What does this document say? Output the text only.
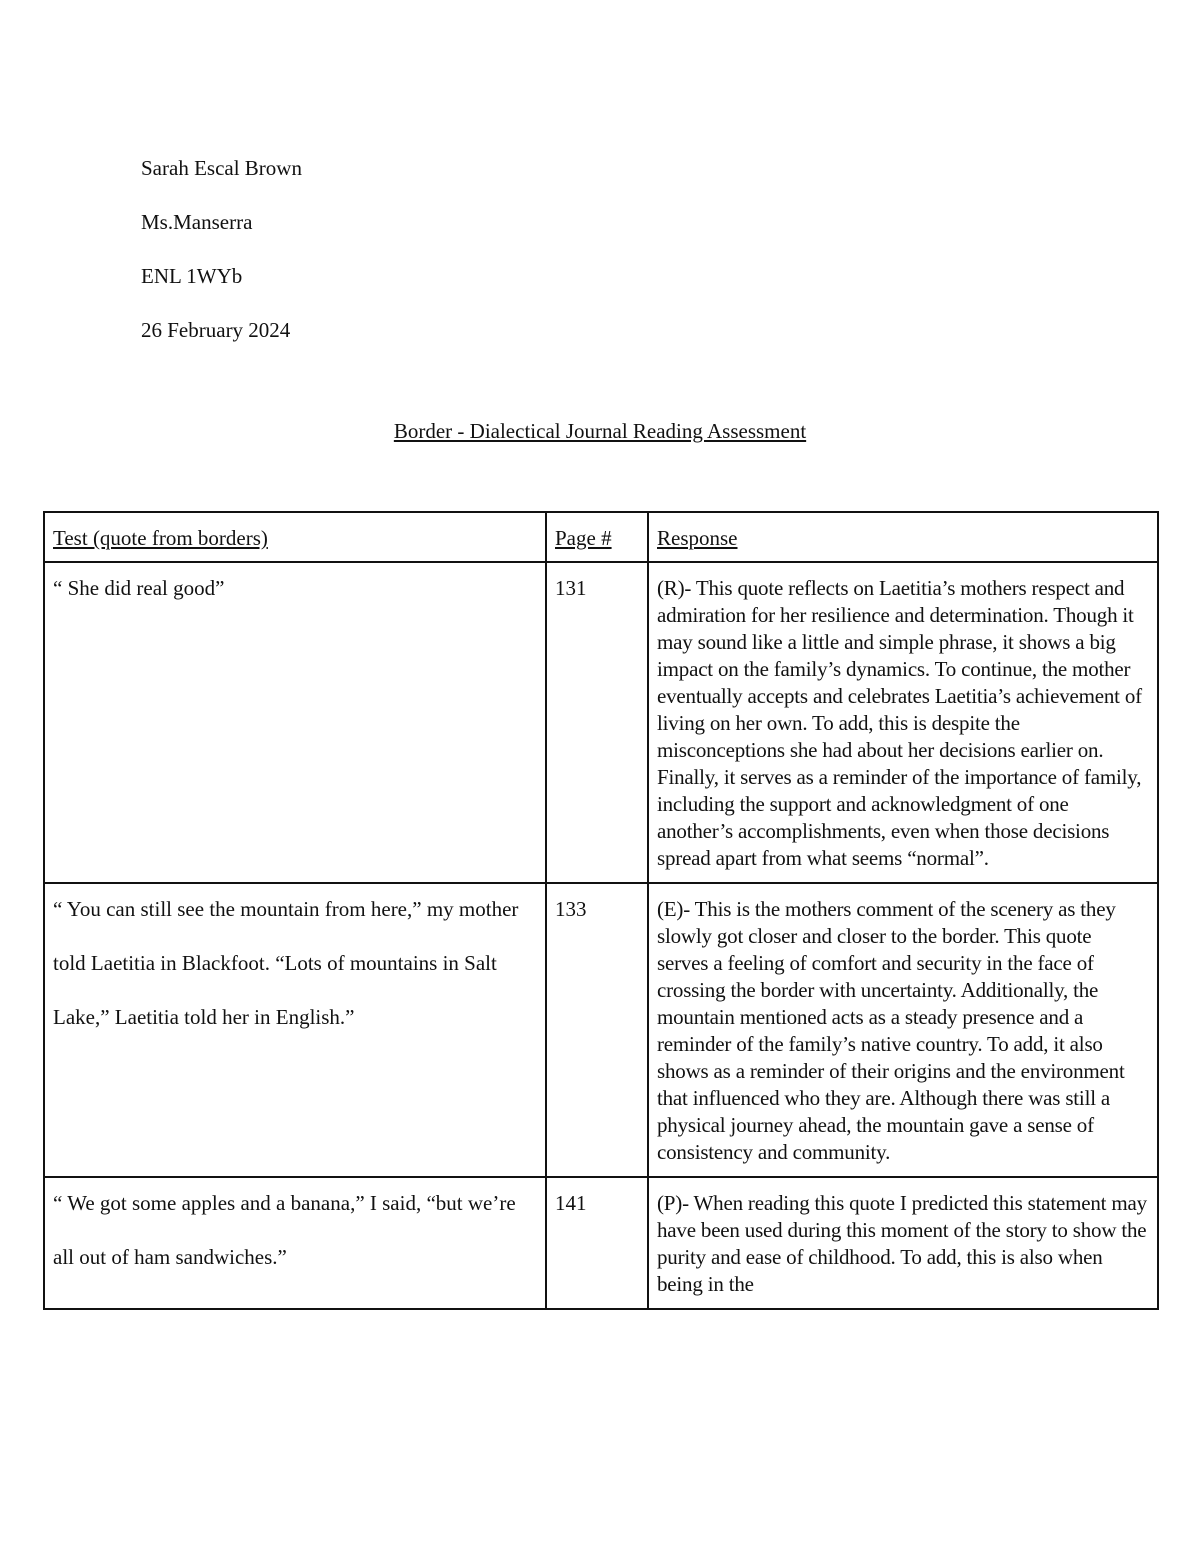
Sarah Escal Brown
Ms.Manserra
ENL 1WYb
26 February 2024
Border - Dialectical Journal Reading Assessment
Test (quote from borders)	Page #	Response

“ She did real good”	131	(R)- This quote reflects on Laetitia’s mothers respect and admiration for her resilience and determination. Though it may sound like a little and simple phrase, it shows a big impact on the family’s dynamics. To continue, the mother eventually accepts and celebrates Laetitia’s achievement of living on her own. To add, this is despite the misconceptions she had about her decisions earlier on. Finally, it serves as a reminder of the importance of family, including the support and acknowledgment of one another’s accomplishments, even when those decisions spread apart from what seems “normal”.

“ You can still see the mountain from here,” my mother told Laetitia in Blackfoot. “Lots of mountains in Salt Lake,” Laetitia told her in English.”	133	(E)- This is the mothers comment of the scenery as they slowly got closer and closer to the border. This quote serves a feeling of comfort and security in the face of crossing the border with uncertainty. Additionally, the mountain mentioned acts as a steady presence and a reminder of the family’s native country. To add, it also shows as a reminder of their origins and the environment that influenced who they are. Although there was still a physical journey ahead, the mountain gave a sense of consistency and community.

“ We got some apples and a banana,” I said, “but we’re all out of ham sandwiches.”	141	(P)- When reading this quote I predicted this statement may have been used during this moment of the story to show the purity and ease of childhood. To add, this is also when being in the
